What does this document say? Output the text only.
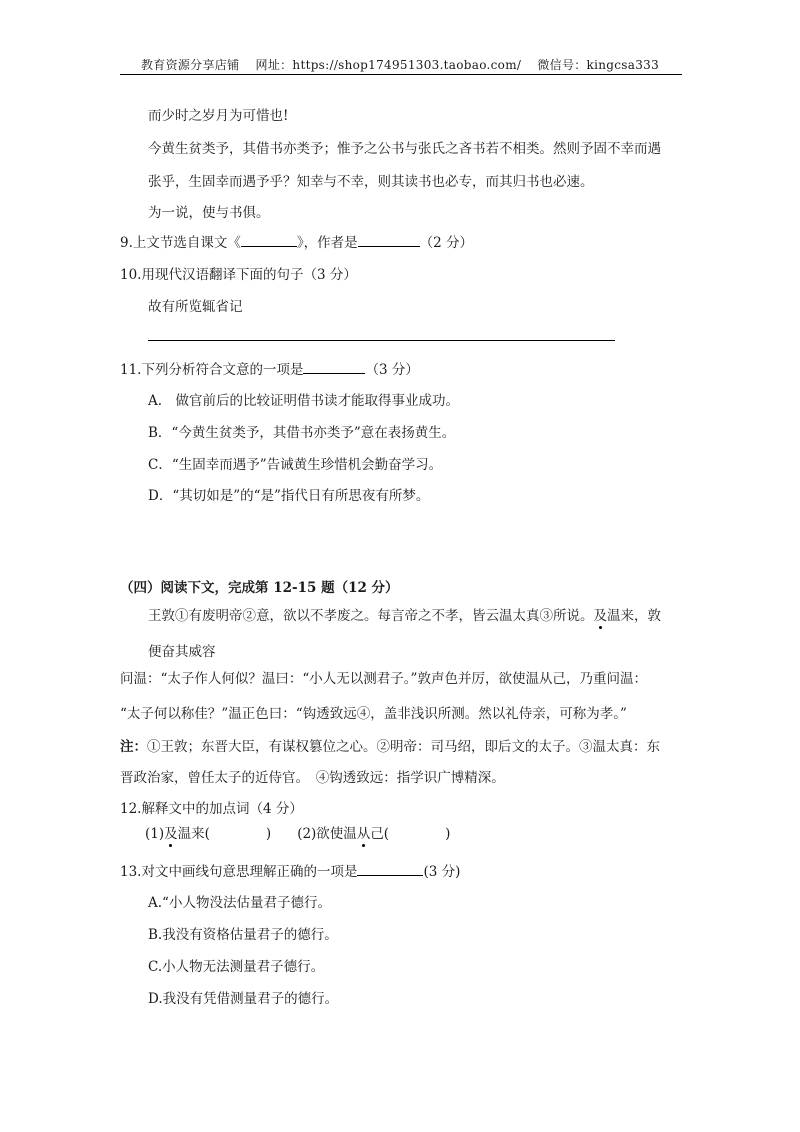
教育资源分享店铺 网址：https://shop174951303.taobao.com/ 微信号：kingcsa333
而少时之岁月为可惜也!
今黄生贫类予，其借书亦类予；惟予之公书与张氏之吝书若不相类。然则予固不幸而遇
张乎，生固幸而遇予乎？知幸与不幸，则其读书也必专，而其归书也必速。
为一说，使与书俱。
9.上文节选自课文《	》，作者是	（2 分）
10.用现代汉语翻译下面的句子（3 分）
故有所览辄省记
11.下列分析符合文意的一项是	（3 分）
A.　做官前后的比较证明借书读才能取得事业成功。
B．“今黄生贫类予，其借书亦类予”意在表扬黄生。
C．“生固幸而遇予”告诫黄生珍惜机会勤奋学习。
D．“其切如是”的“是”指代日有所思夜有所梦。
（四）阅读下文，完成第 12-15 题（12 分）
王敦①有废明帝②意，欲以不孝废之。每言帝之不孝，皆云温太真③所说。及温来，敦
便奋其威容
问温：“太子作人何似？温曰：“小人无以测君子。”敦声色并厉，欲使温从己，乃重问温：
“太子何以称佳？”温正色曰：“钩透致远④，盖非浅识所测。然以礼侍亲，可称为孝。”
注：①王敦；东晋大臣，有谋权篡位之心。②明帝：司马绍，即后文的太子。③温太真：东
晋政治家，曾任太子的近侍官。　④钩透致远：指学识广博精深。
12.解释文中的加点词（4 分）
(1)及温来(	) (2)欲使温从己(	)
13.对文中画线句意思理解正确的一项是	(3 分)
A.“小人物没法估量君子德行。
B.我没有资格估量君子的德行。
C.小人物无法测量君子德行。
D.我没有凭借测量君子的德行。
